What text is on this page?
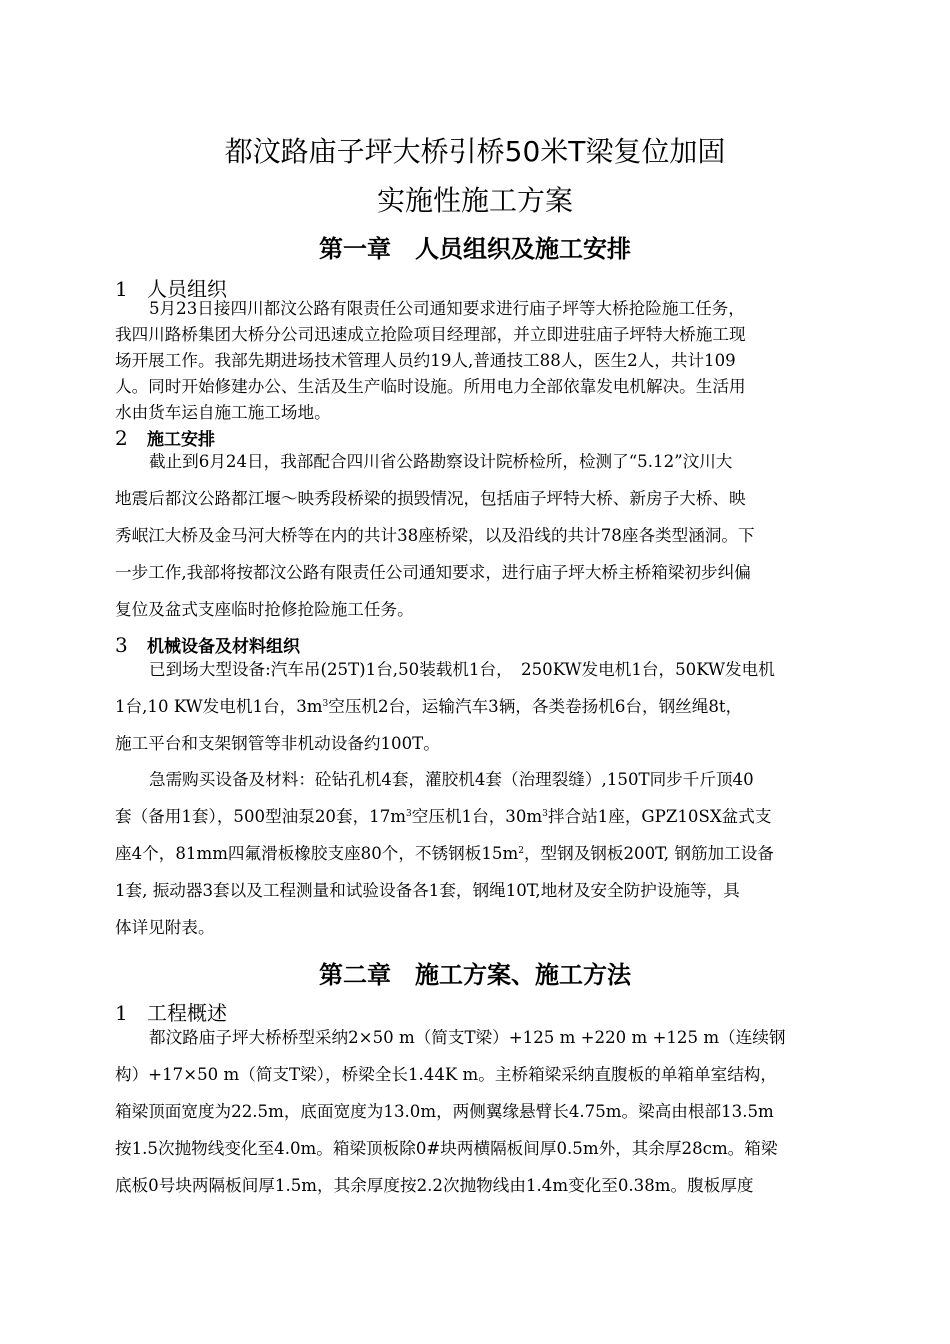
都汶路庙子坪大桥引桥50米T梁复位加固
实施性施工方案
第一章　人员组织及施工安排
1 人员组织
5月23日接四川都汶公路有限责任公司通知要求进行庙子坪等大桥抢险施工任务，
我四川路桥集团大桥分公司迅速成立抢险项目经理部，并立即进驻庙子坪特大桥施工现
场开展工作。我部先期进场技术管理人员约19人,普通技工88人，医生2人，共计109
人。同时开始修建办公、生活及生产临时设施。所用电力全部依靠发电机解决。生活用
水由货车运自施工施工场地。
2 施工安排
截止到6月24日，我部配合四川省公路勘察设计院桥检所，检测了“5.12”汶川大
地震后都汶公路都江堰～映秀段桥梁的损毁情况，包括庙子坪特大桥、新房子大桥、映
秀岷江大桥及金马河大桥等在内的共计38座桥梁，以及沿线的共计78座各类型涵洞。下
一步工作,我部将按都汶公路有限责任公司通知要求，进行庙子坪大桥主桥箱梁初步纠偏
复位及盆式支座临时抢修抢险施工任务。
3 机械设备及材料组织
已到场大型设备:汽车吊(25T)1台,50装载机1台，　250KW发电机1台，50KW发电机
1台,10 KW发电机1台，$3m^3$空压机2台，运输汽车3辆，各类卷扬机6台，钢丝绳8t，
施工平台和支架钢管等非机动设备约100T。
急需购买设备及材料：砼钻孔机4套，灌胶机4套（治理裂缝）,150T同步千斤顶40
套（备用1套），500型油泵20套，$17m^3$空压机1台，$30m^3$拌合站1座，GPZ10SX盆式支
座4个，81mm四氟滑板橡胶支座80个，不锈钢板$15m^2$，型钢及钢板200T, 钢筋加工设备
1套, 振动器3套以及工程测量和试验设备各1套，钢绳10T,地材及安全防护设施等，具
体详见附表。
第二章　施工方案、施工方法
1 工程概述
都汶路庙子坪大桥桥型采纳2×50 m（简支T梁）+125 m +220 m +125 m（连续钢
构）+17×50 m（简支T梁），桥梁全长1.44K m。主桥箱梁采纳直腹板的单箱单室结构，
箱梁顶面宽度为22.5m，底面宽度为13.0m，两侧翼缘悬臂长4.75m。梁高由根部13.5m
按1.5次抛物线变化至4.0m。箱梁顶板除0#块两横隔板间厚0.5m外，其余厚28cm。箱梁
底板0号块两隔板间厚1.5m，其余厚度按2.2次抛物线由1.4m变化至0.38m。腹板厚度
